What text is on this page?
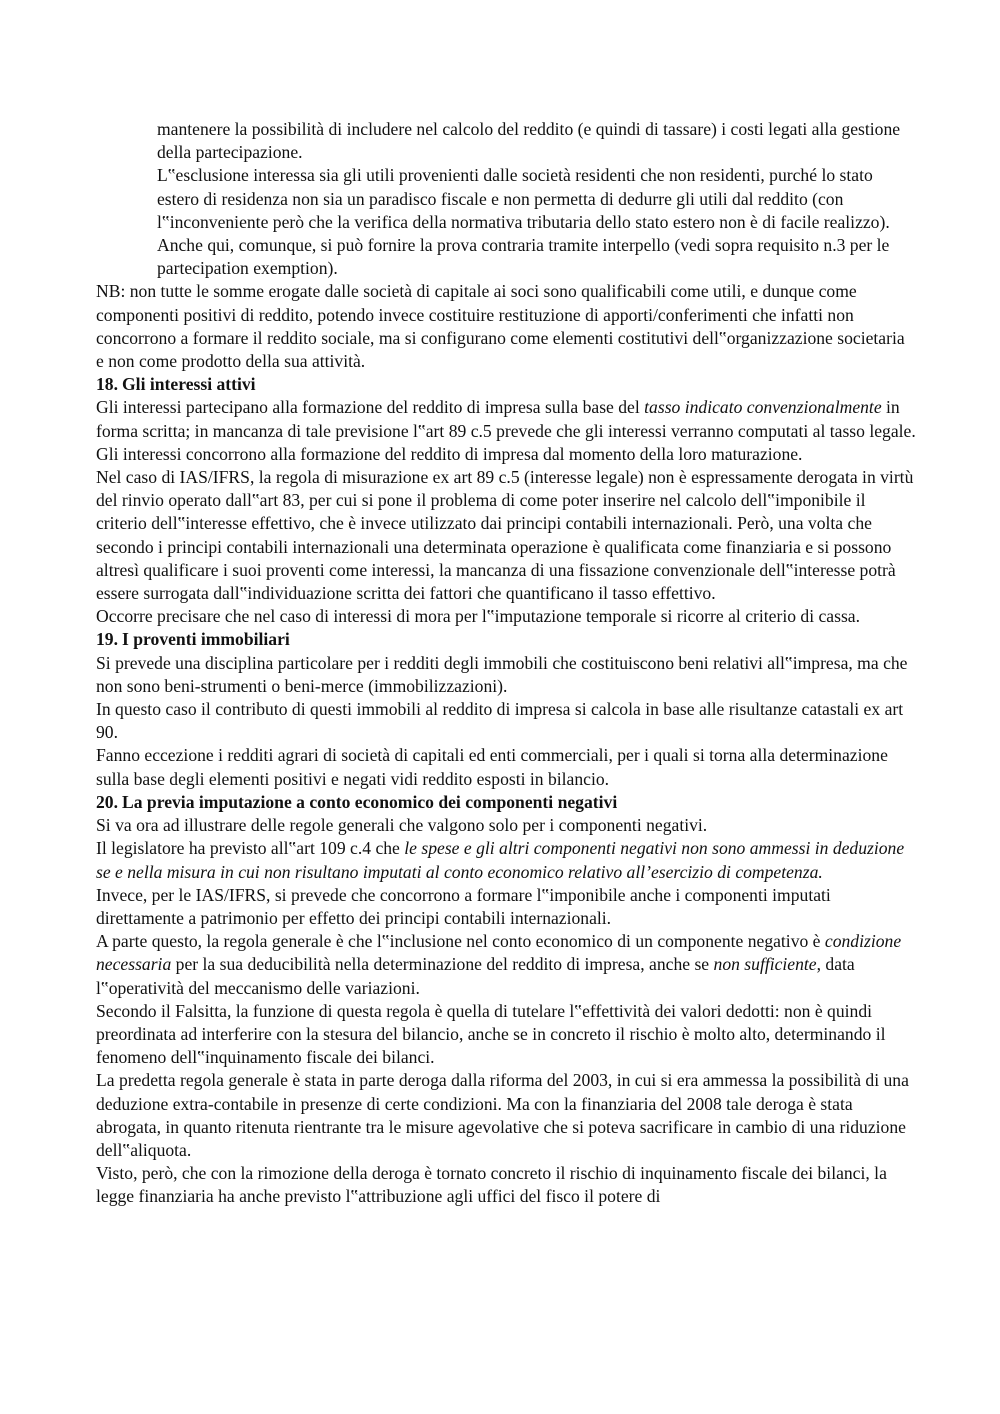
mantenere la possibilità di includere nel calcolo del reddito (e quindi di tassare) i costi legati alla gestione della partecipazione.

L‟esclusione interessa sia gli utili provenienti dalle società residenti che non residenti, purché lo stato estero di residenza non sia un paradisco fiscale e non permetta di dedurre gli utili dal reddito (con l‟inconveniente però che la verifica della normativa tributaria dello stato estero non è di facile realizzo). Anche qui, comunque, si può fornire la prova contraria tramite interpello (vedi sopra requisito n.3 per le partecipation exemption).

NB: non tutte le somme erogate dalle società di capitale ai soci sono qualificabili come utili, e dunque come componenti positivi di reddito, potendo invece costituire restituzione di apporti/conferimenti che infatti non concorrono a formare il reddito sociale, ma si configurano come elementi costitutivi dell‟organizzazione societaria e non come prodotto della sua attività.

18. Gli interessi attivi

Gli interessi partecipano alla formazione del reddito di impresa sulla base del tasso indicato convenzionalmente in forma scritta; in mancanza di tale previsione l‟art 89 c.5 prevede che gli interessi verranno computati al tasso legale.

Gli interessi concorrono alla formazione del reddito di impresa dal momento della loro maturazione.

Nel caso di IAS/IFRS, la regola di misurazione ex art 89 c.5 (interesse legale) non è espressamente derogata in virtù del rinvio operato dall‟art 83, per cui si pone il problema di come poter inserire nel calcolo dell‟imponibile il criterio dell‟interesse effettivo, che è invece utilizzato dai principi contabili internazionali. Però, una volta che secondo i principi contabili internazionali una determinata operazione è qualificata come finanziaria e si possono altresì qualificare i suoi proventi come interessi, la mancanza di una fissazione convenzionale dell‟interesse potrà essere surrogata dall‟individuazione scritta dei fattori che quantificano il tasso effettivo.

Occorre precisare che nel caso di interessi di mora per l‟imputazione temporale si ricorre al criterio di cassa.

19. I proventi immobiliari

Si prevede una disciplina particolare per i redditi degli immobili che costituiscono beni relativi all‟impresa, ma che non sono beni-strumenti o beni-merce (immobilizzazioni).

In questo caso il contributo di questi immobili al reddito di impresa si calcola in base alle risultanze catastali ex art 90.

Fanno eccezione i redditi agrari di società di capitali ed enti commerciali, per i quali si torna alla determinazione sulla base degli elementi positivi e negati vidi reddito esposti in bilancio.

20. La previa imputazione a conto economico dei componenti negativi

Si va ora ad illustrare delle regole generali che valgono solo per i componenti negativi.

Il legislatore ha previsto all‟art 109 c.4 che le spese e gli altri componenti negativi non sono ammessi in deduzione se e nella misura in cui non risultano imputati al conto economico relativo all’esercizio di competenza.

Invece, per le IAS/IFRS, si prevede che concorrono a formare l‟imponibile anche i componenti imputati direttamente a patrimonio per effetto dei principi contabili internazionali.

A parte questo, la regola generale è che l‟inclusione nel conto economico di un componente negativo è condizione necessaria per la sua deducibilità nella determinazione del reddito di impresa, anche se non sufficiente, data l‟operatività del meccanismo delle variazioni.

Secondo il Falsitta, la funzione di questa regola è quella di tutelare l‟effettività dei valori dedotti: non è quindi preordinata ad interferire con la stesura del bilancio, anche se in concreto il rischio è molto alto, determinando il fenomeno dell‟inquinamento fiscale dei bilanci.

La predetta regola generale è stata in parte deroga dalla riforma del 2003, in cui si era ammessa la possibilità di una deduzione extra-contabile in presenze di certe condizioni. Ma con la finanziaria del 2008 tale deroga è stata abrogata, in quanto ritenuta rientrante tra le misure agevolative che si poteva sacrificare in cambio di una riduzione dell‟aliquota.

Visto, però, che con la rimozione della deroga è tornato concreto il rischio di inquinamento fiscale dei bilanci, la legge finanziaria ha anche previsto l‟attribuzione agli uffici del fisco il potere di
